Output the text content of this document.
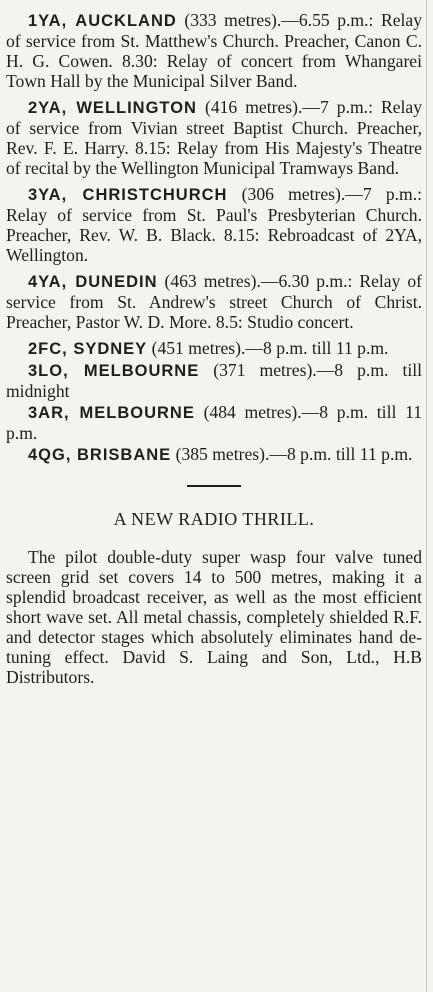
1YA, AUCKLAND (333 metres).—6.55 p.m.: Relay of service from St. Matthew's Church. Preacher, Canon C. H. G. Cowen. 8.30: Relay of concert from Whangarei Town Hall by the Municipal Silver Band.

2YA, WELLINGTON (416 metres).—7 p.m.: Relay of service from Vivian street Baptist Church. Preacher, Rev. F. E. Harry. 8.15: Relay from His Majesty's Theatre of recital by the Wellington Municipal Tramways Band.

3YA, CHRISTCHURCH (306 metres).—7 p.m.: Relay of service from St. Paul's Presbyterian Church. Preacher, Rev. W. B. Black. 8.15: Rebroadcast of 2YA, Wellington.

4YA, DUNEDIN (463 metres).—6.30 p.m.: Relay of service from St. Andrew's street Church of Christ. Preacher, Pastor W. D. More. 8.5: Studio concert.

2FC, SYDNEY (451 metres).—8 p.m. till 11 p.m.

3LO, MELBOURNE (371 metres).—8 p.m. till midnight

3AR, MELBOURNE (484 metres).—8 p.m. till 11 p.m.

4QG, BRISBANE (385 metres).—8 p.m. till 11 p.m.

A NEW RADIO THRILL.

The pilot double-duty super wasp four valve tuned screen grid set covers 14 to 500 metres, making it a splendid broadcast receiver, as well as the most efficient short wave set. All metal chassis, completely shielded R.F. and detector stages which absolutely eliminates hand de-tuning effect. David S. Laing and Son, Ltd., H.B Distributors.
